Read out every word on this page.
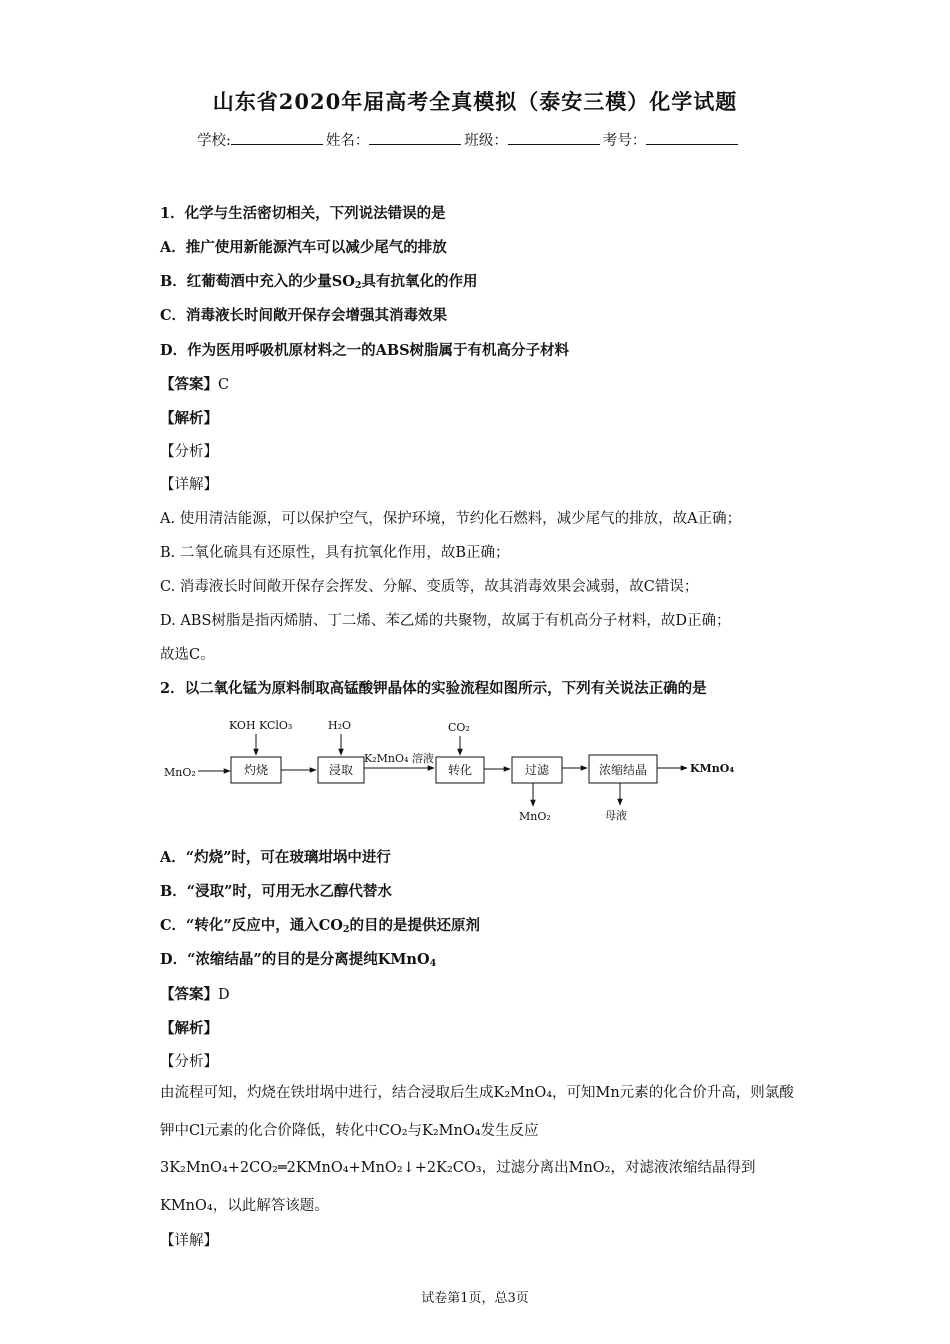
山东省2020年届高考全真模拟（泰安三模）化学试题
学校:	姓名：	班级：	考号：
1．化学与生活密切相关，下列说法错误的是
A．推广使用新能源汽车可以减少尾气的排放
B．红葡萄酒中充入的少量$SO_2$具有抗氧化的作用
C．消毒液长时间敞开保存会增强其消毒效果
D．作为医用呼吸机原材料之一的ABS树脂属于有机高分子材料
【答案】C
【解析】
【分析】
【详解】
A. 使用清洁能源，可以保护空气，保护环境，节约化石燃料，减少尾气的排放，故A正确；
B. 二氧化硫具有还原性，具有抗氧化作用，故B正确；
C. 消毒液长时间敞开保存会挥发、分解、变质等，故其消毒效果会减弱，故C错误；
D. ABS树脂是指丙烯腈、丁二烯、苯乙烯的共聚物，故属于有机高分子材料，故D正确；
故选C。
2．以二氧化锰为原料制取高锰酸钾晶体的实验流程如图所示，下列有关说法正确的是
MnO₂
KOH KClO₃
灼烧
H₂O
浸取
K₂MnO₄ 溶液
CO₂
转化	过滤
MnO₂
浓缩结晶
母液
KMnO₄
A．“灼烧”时，可在玻璃坩埚中进行
B．“浸取”时，可用无水乙醇代替水
C．“转化”反应中，通入$CO_2$的目的是提供还原剂
D．“浓缩结晶”的目的是分离提纯KMnO$_4$
【答案】D
【解析】
【分析】
由流程可知，灼烧在铁坩埚中进行，结合浸取后生成K₂MnO₄，可知Mn元素的化合价升高，则氯酸钾中Cl元素的化合价降低，转化中CO₂与K₂MnO₄发生反应
3K₂MnO₄+2CO₂═2KMnO₄+MnO₂↓+2K₂CO₃，过滤分离出MnO₂，对滤液浓缩结晶得到KMnO₄，以此解答该题。
【详解】
试卷第1页，总3页
